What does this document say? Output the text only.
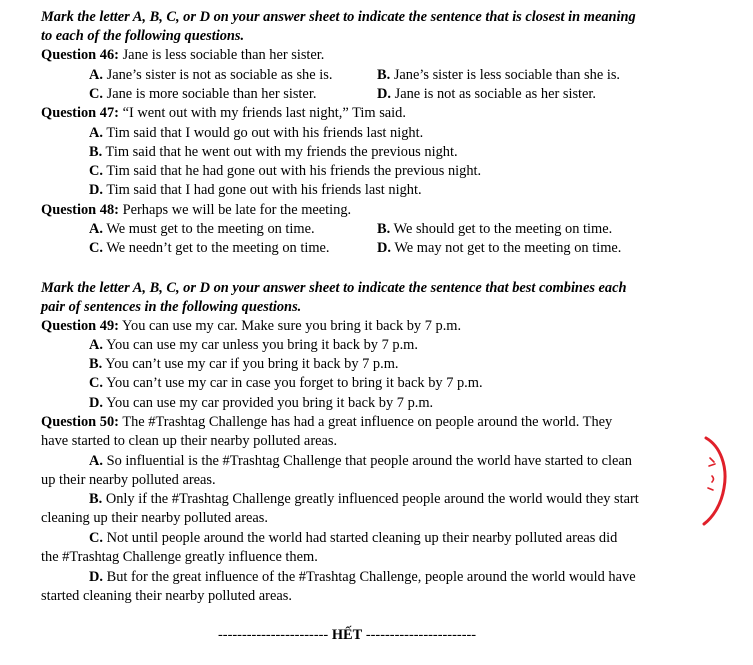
Mark the letter A, B, C, or D on your answer sheet to indicate the sentence that is closest in meaning
to each of the following questions.
Question 46: Jane is less sociable than her sister.
A. Jane’s sister is not as sociable as she is.	B. Jane’s sister is less sociable than she is.
C. Jane is more sociable than her sister.	D. Jane is not as sociable as her sister.
Question 47: “I went out with my friends last night,” Tim said.
A. Tim said that I would go out with his friends last night.
B. Tim said that he went out with my friends the previous night.
C. Tim said that he had gone out with his friends the previous night.
D. Tim said that I had gone out with his friends last night.
Question 48: Perhaps we will be late for the meeting.
A. We must get to the meeting on time.	B. We should get to the meeting on time.
C. We needn’t get to the meeting on time.	D. We may not get to the meeting on time.
Mark the letter A, B, C, or D on your answer sheet to indicate the sentence that best combines each
pair of sentences in the following questions.
Question 49: You can use my car. Make sure you bring it back by 7 p.m.
A. You can use my car unless you bring it back by 7 p.m.
B. You can’t use my car if you bring it back by 7 p.m.
C. You can’t use my car in case you forget to bring it back by 7 p.m.
D. You can use my car provided you bring it back by 7 p.m.
Question 50: The #Trashtag Challenge has had a great influence on people around the world. They
have started to clean up their nearby polluted areas.
A. So influential is the #Trashtag Challenge that people around the world have started to clean
up their nearby polluted areas.
B. Only if the #Trashtag Challenge greatly influenced people around the world would they start
cleaning up their nearby polluted areas.
C. Not until people around the world had started cleaning up their nearby polluted areas did
the #Trashtag Challenge greatly influence them.
D. But for the great influence of the #Trashtag Challenge, people around the world would have
started cleaning their nearby polluted areas.
----------------------- HẾT -----------------------
